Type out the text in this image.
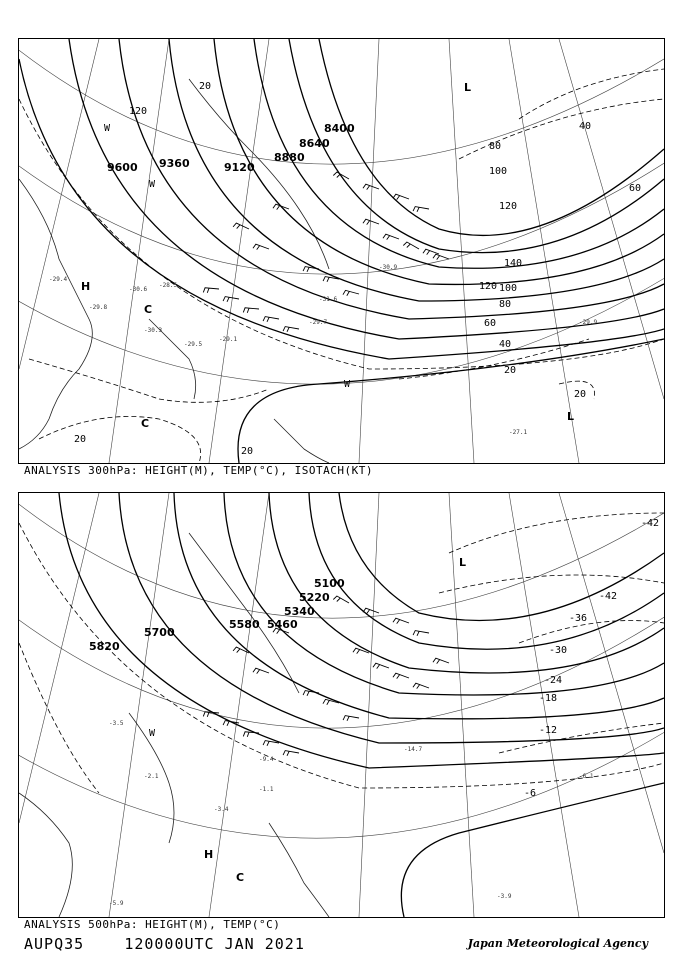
8400
8640
8880
9120
9360
9600
20
40
60
80
100
120
140
120 100
80
60
40
20
20
20
20
120
H
L
L
W
W
C
C
W
-29.4
-29.8
-29.1
-29.7	-29.9
-27.1
-30.3
-30.6
-28.5
-29.5
-30.9
-31.6
ANALYSIS 300hPa: HEIGHT(M), TEMP(°C), ISOTACH(KT)
5100
5220
5340
5460
5580
5700
5820
-42
-42
-36
-30
-24
-18
-12
-6
H
L
C
W
-3.5
-2.1	-6.1
-3.9
-5.9
-3.4
-1.1
-9.4
-14.7
ANALYSIS 500hPa: HEIGHT(M), TEMP(°C)
AUPQ35	120000UTC JAN 2021	Japan Meteorological Agency
